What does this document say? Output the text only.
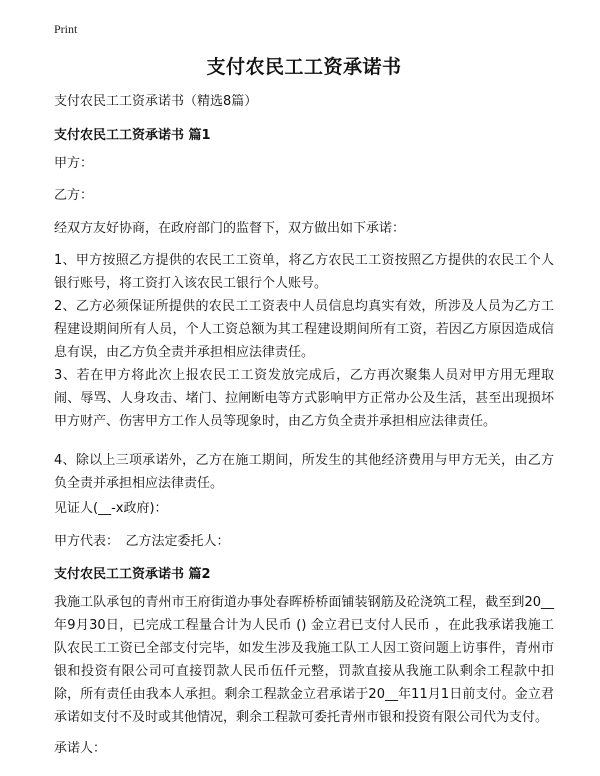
Print
支付农民工工资承诺书
支付农民工工资承诺书（精选8篇）
支付农民工工资承诺书 篇1
甲方：
乙方：
经双方友好协商，在政府部门的监督下，双方做出如下承诺：
1、甲方按照乙方提供的农民工工资单，将乙方农民工工资按照乙方提供的农民工个人银行账号，将工资打入该农民工银行个人账号。
2、乙方必须保证所提供的农民工工资表中人员信息均真实有效，所涉及人员为乙方工程建设期间所有人员，个人工资总额为其工程建设期间所有工资，若因乙方原因造成信息有误，由乙方负全责并承担相应法律责任。
3、若在甲方将此次上报农民工工资发放完成后，乙方再次聚集人员对甲方用无理取闹、辱骂、人身攻击、堵门、拉闸断电等方式影响甲方正常办公及生活，甚至出现损坏甲方财产、伤害甲方工作人员等现象时，由乙方负全责并承担相应法律责任。
4、除以上三项承诺外，乙方在施工期间，所发生的其他经济费用与甲方无关，由乙方负全责并承担相应法律责任。
见证人(__-x政府)：
甲方代表：　乙方法定委托人：
支付农民工工资承诺书 篇2
我施工队承包的青州市王府街道办事处春晖桥桥面铺装钢筋及砼浇筑工程，截至到20__年9月30日，已完成工程量合计为人民币 () 金立君已支付人民币 ，在此我承诺我施工队农民工工资已全部支付完毕，如发生涉及我施工队工人因工资问题上访事件，青州市银和投资有限公司可直接罚款人民币伍仟元整，罚款直接从我施工队剩余工程款中扣除，所有责任由我本人承担。剩余工程款金立君承诺于20__年11月1日前支付。金立君承诺如支付不及时或其他情况，剩余工程款可委托青州市银和投资有限公司代为支付。
承诺人：
